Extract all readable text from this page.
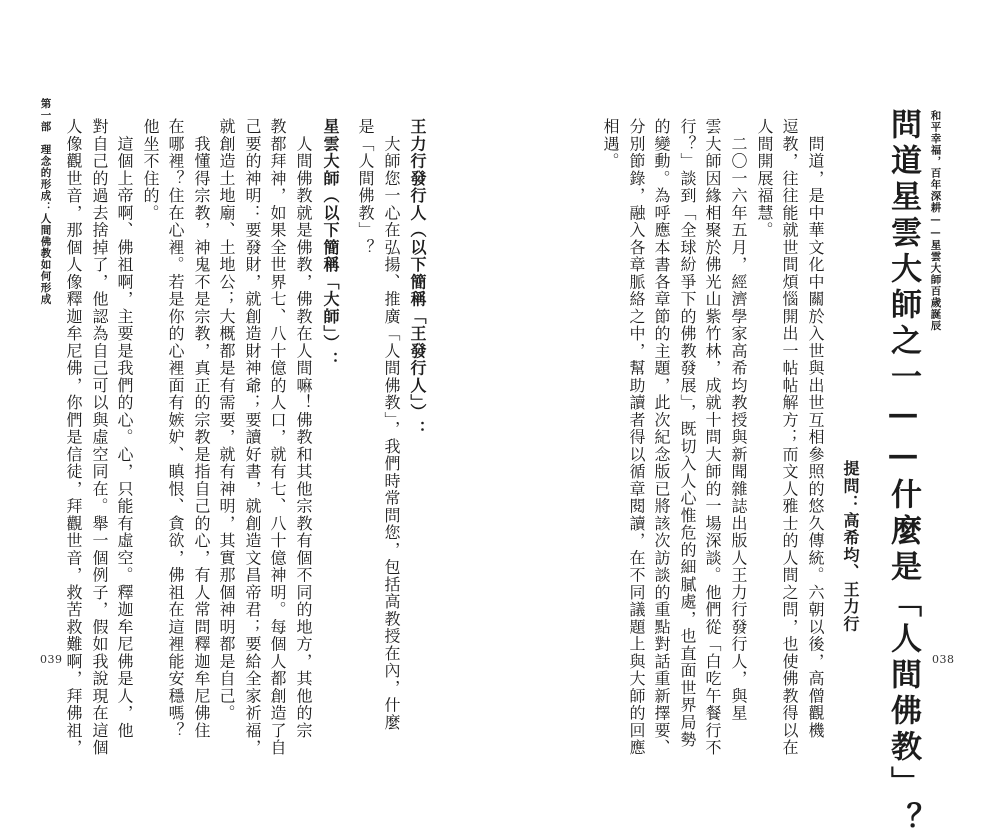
第一部　理念的形成：人間佛教如何形成	王力行發行人（以下簡稱「王發行人」）：
　大師您一心在弘揚、推廣「人間佛教」，我們時常問您，包括高教授在內，什麼
是「人間佛教」？
星雲大師（以下簡稱「大師」）：
　人間佛教就是佛教，佛教在人間嘛！佛教和其他宗教有個不同的地方，其他的宗
教都拜神，如果全世界七、八十億的人口，就有七、八十億神明。每個人都創造了自
己要的神明：要發財，就創造財神爺；要讀好書，就創造文昌帝君；要給全家祈福，
就創造土地廟、土地公；大概都是有需要，就有神明，其實那個神明都是自己。
　我懂得宗教，神鬼不是宗教，真正的宗教是指自己的心，有人常問釋迦牟尼佛住
在哪裡？住在心裡。若是你的心裡面有嫉妒、瞋恨、貪欲，佛祖在這裡能安穩嗎？
他坐不住的。
　這個上帝啊、佛祖啊，主要是我們的心。心，只能有虛空。釋迦牟尼佛是人，他
對自己的過去捨掉了，他認為自己可以與虛空同在。舉一個例子，假如我說現在這個
人像觀世音，那個人像釋迦牟尼佛，你們是信徒，拜觀世音，救苦救難啊，拜佛祖，
039
和平幸福，百年深耕——星雲大師百歲誕辰
問道星雲大師之一——什麼是「人間佛教」？
提問：高希均、王力行
　問道，是中華文化中關於入世與出世互相參照的悠久傳統。六朝以後，高僧觀機
逗教，往往能就世間煩惱開出一帖帖解方；而文人雅士的人間之問，也使佛教得以在
人間開展福慧。
　二〇一六年五月，經濟學家高希均教授與新聞雜誌出版人王力行發行人，與星
雲大師因緣相聚於佛光山紫竹林，成就十問大師的一場深談。他們從「白吃午餐行不
行？」談到「全球紛爭下的佛教發展」，既切入人心惟危的細膩處，也直面世界局勢
的變動。為呼應本書各章節的主題，此次紀念版已將該次訪談的重點對話重新擇要、
分別節錄，融入各章脈絡之中，幫助讀者得以循章閱讀，在不同議題上與大師的回應
相遇。
038
